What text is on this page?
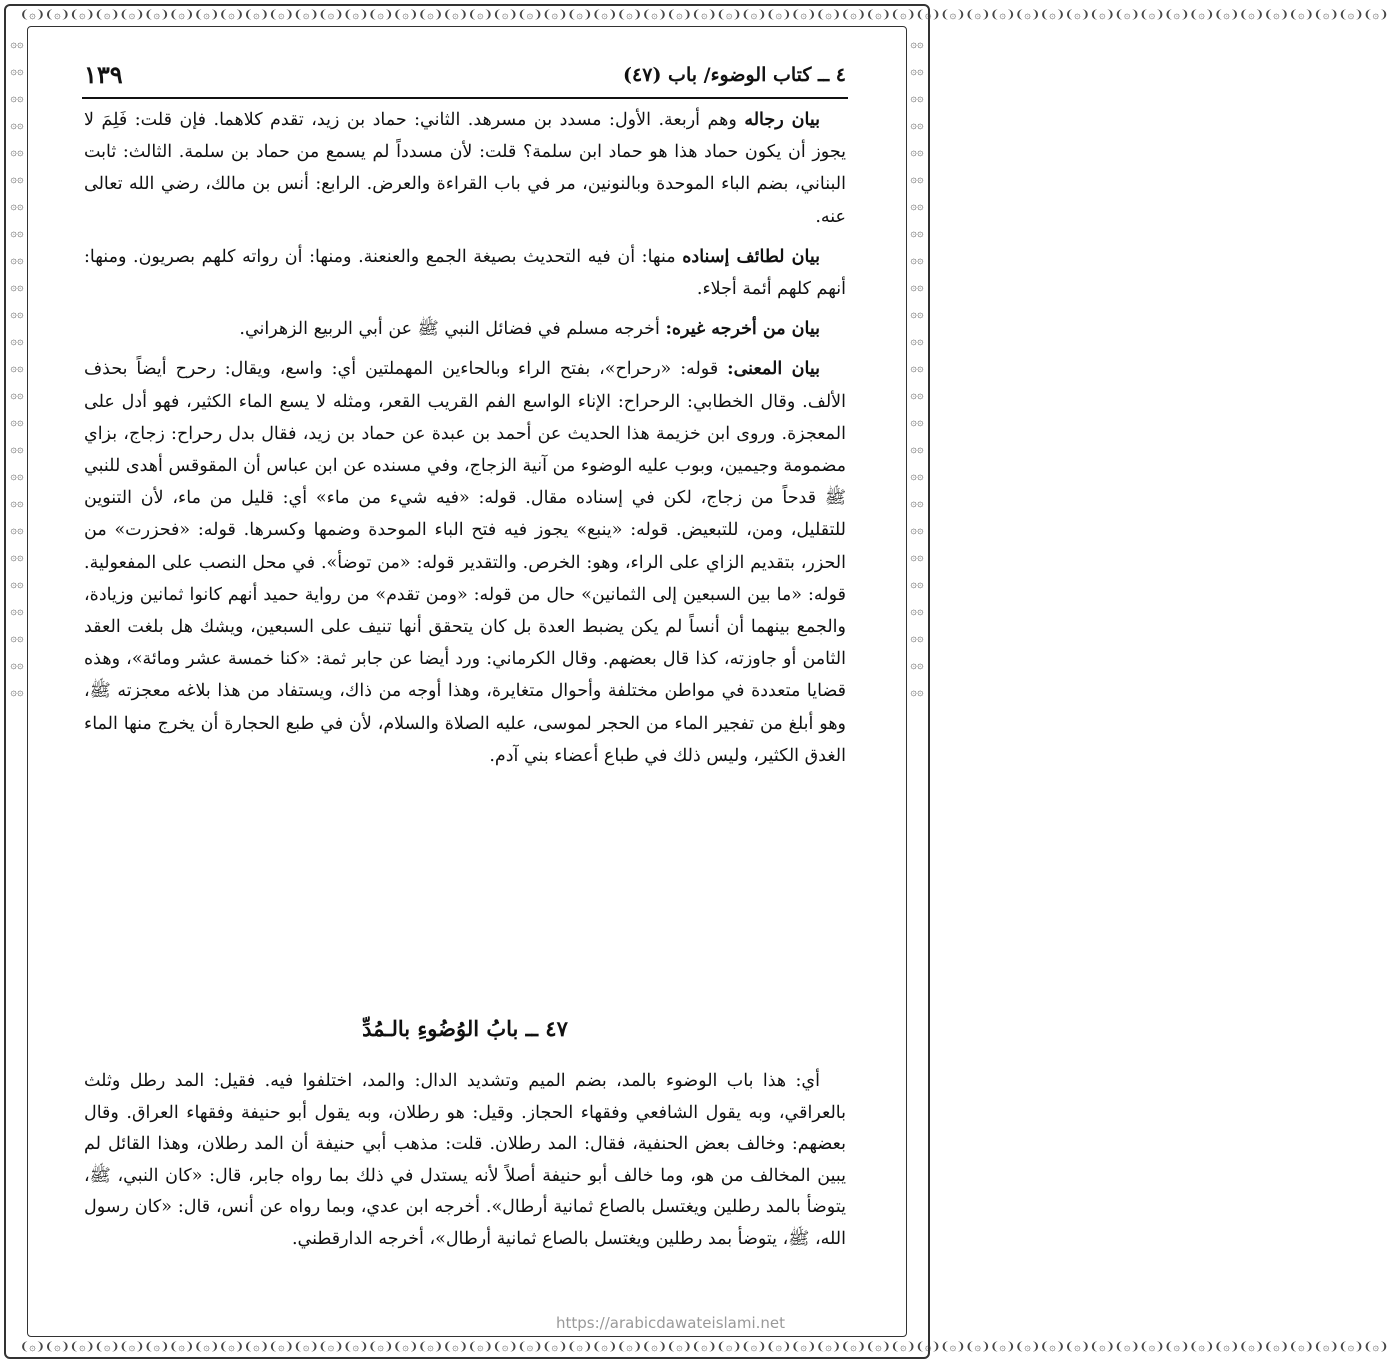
❨۞❩❨۞❩❨۞❩❨۞❩❨۞❩❨۞❩❨۞❩❨۞❩❨۞❩❨۞❩❨۞❩❨۞❩❨۞❩❨۞❩❨۞❩❨۞❩❨۞❩❨۞❩❨۞❩❨۞❩❨۞❩❨۞❩❨۞❩❨۞❩❨۞❩❨۞❩❨۞❩❨۞❩❨۞❩❨۞❩❨۞❩❨۞❩❨۞❩❨۞❩❨۞❩❨۞❩❨۞❩❨۞❩❨۞❩❨۞❩❨۞❩❨۞❩❨۞❩❨۞❩❨۞❩❨۞❩❨۞❩❨۞❩❨۞❩❨۞❩❨۞❩❨۞❩❨۞❩❨۞❩❨۞❩
❨۞❩❨۞❩❨۞❩❨۞❩❨۞❩❨۞❩❨۞❩❨۞❩❨۞❩❨۞❩❨۞❩❨۞❩❨۞❩❨۞❩❨۞❩❨۞❩❨۞❩❨۞❩❨۞❩❨۞❩❨۞❩❨۞❩❨۞❩❨۞❩❨۞❩❨۞❩❨۞❩❨۞❩❨۞❩❨۞❩❨۞❩❨۞❩❨۞❩❨۞❩❨۞❩❨۞❩❨۞❩❨۞❩❨۞❩❨۞❩❨۞❩❨۞❩❨۞❩❨۞❩❨۞❩❨۞❩❨۞❩❨۞❩❨۞❩❨۞❩❨۞❩❨۞❩❨۞❩❨۞❩❨۞❩
۞۞۞۞۞۞۞۞۞۞۞۞۞۞۞۞۞۞۞۞۞۞۞۞۞۞۞۞۞۞۞۞۞۞۞۞۞۞۞۞۞۞۞۞۞۞۞۞۞۞
۞۞۞۞۞۞۞۞۞۞۞۞۞۞۞۞۞۞۞۞۞۞۞۞۞۞۞۞۞۞۞۞۞۞۞۞۞۞۞۞۞۞۞۞۞۞۞۞۞۞
٤ ــ كتاب الوضوء/ باب (٤٧)
١٣٩

بيان رجاله وهم أربعة. الأول: مسدد بن مسرهد. الثاني: حماد بن زيد، تقدم كلاهما. فإن قلت: فَلِمَ لا يجوز أن يكون حماد هذا هو حماد ابن سلمة؟ قلت: لأن مسدداً لم يسمع من حماد بن سلمة. الثالث: ثابت البناني، بضم الباء الموحدة وبالنونين، مر في باب القراءة والعرض. الرابع: أنس بن مالك، رضي الله تعالى عنه.

بيان لطائف إسناده منها: أن فيه التحديث بصيغة الجمع والعنعنة. ومنها: أن رواته كلهم بصريون. ومنها: أنهم كلهم أئمة أجلاء.

بيان من أخرجه غيره: أخرجه مسلم في فضائل النبي ﷺ عن أبي الربيع الزهراني.

بيان المعنى: قوله: «رحراح»، بفتح الراء وبالحاءين المهملتين أي: واسع، ويقال: رحرح أيضاً بحذف الألف. وقال الخطابي: الرحراح: الإناء الواسع الفم القريب القعر، ومثله لا يسع الماء الكثير، فهو أدل على المعجزة. وروى ابن خزيمة هذا الحديث عن أحمد بن عبدة عن حماد بن زيد، فقال بدل رحراح: زجاج، بزاي مضمومة وجيمين، وبوب عليه الوضوء من آنية الزجاج، وفي مسنده عن ابن عباس أن المقوقس أهدى للنبي ﷺ قدحاً من زجاج، لكن في إسناده مقال. قوله: «فيه شيء من ماء» أي: قليل من ماء، لأن التنوين للتقليل، ومن، للتبعيض. قوله: «ينبع» يجوز فيه فتح الباء الموحدة وضمها وكسرها. قوله: «فحزرت» من الحزر، بتقديم الزاي على الراء، وهو: الخرص. والتقدير قوله: «من توضأ». في محل النصب على المفعولية. قوله: «ما بين السبعين إلى الثمانين» حال من قوله: «ومن تقدم» من رواية حميد أنهم كانوا ثمانين وزيادة، والجمع بينهما أن أنساً لم يكن يضبط العدة بل كان يتحقق أنها تنيف على السبعين، ويشك هل بلغت العقد الثامن أو جاوزته، كذا قال بعضهم. وقال الكرماني: ورد أيضا عن جابر ثمة: «كنا خمسة عشر ومائة»، وهذه قضايا متعددة في مواطن مختلفة وأحوال متغايرة، وهذا أوجه من ذاك، ويستفاد من هذا بلاغه معجزته ﷺ، وهو أبلغ من تفجير الماء من الحجر لموسى، عليه الصلاة والسلام، لأن في طبع الحجارة أن يخرج منها الماء الغدق الكثير، وليس ذلك في طباع أعضاء بني آدم.

٤٧ ــ بابُ الوُضُوءِ بالـمُدِّ

أي: هذا باب الوضوء بالمد، بضم الميم وتشديد الدال: والمد، اختلفوا فيه. فقيل: المد رطل وثلث بالعراقي، وبه يقول الشافعي وفقهاء الحجاز. وقيل: هو رطلان، وبه يقول أبو حنيفة وفقهاء العراق. وقال بعضهم: وخالف بعض الحنفية، فقال: المد رطلان. قلت: مذهب أبي حنيفة أن المد رطلان، وهذا القائل لم يبين المخالف من هو، وما خالف أبو حنيفة أصلاً لأنه يستدل في ذلك بما رواه جابر، قال: «كان النبي، ﷺ، يتوضأ بالمد رطلين ويغتسل بالصاع ثمانية أرطال». أخرجه ابن عدي، وبما رواه عن أنس، قال: «كان رسول الله، ﷺ، يتوضأ بمد رطلين ويغتسل بالصاع ثمانية أرطال»، أخرجه الدارقطني.

https://arabicdawateislami.net
